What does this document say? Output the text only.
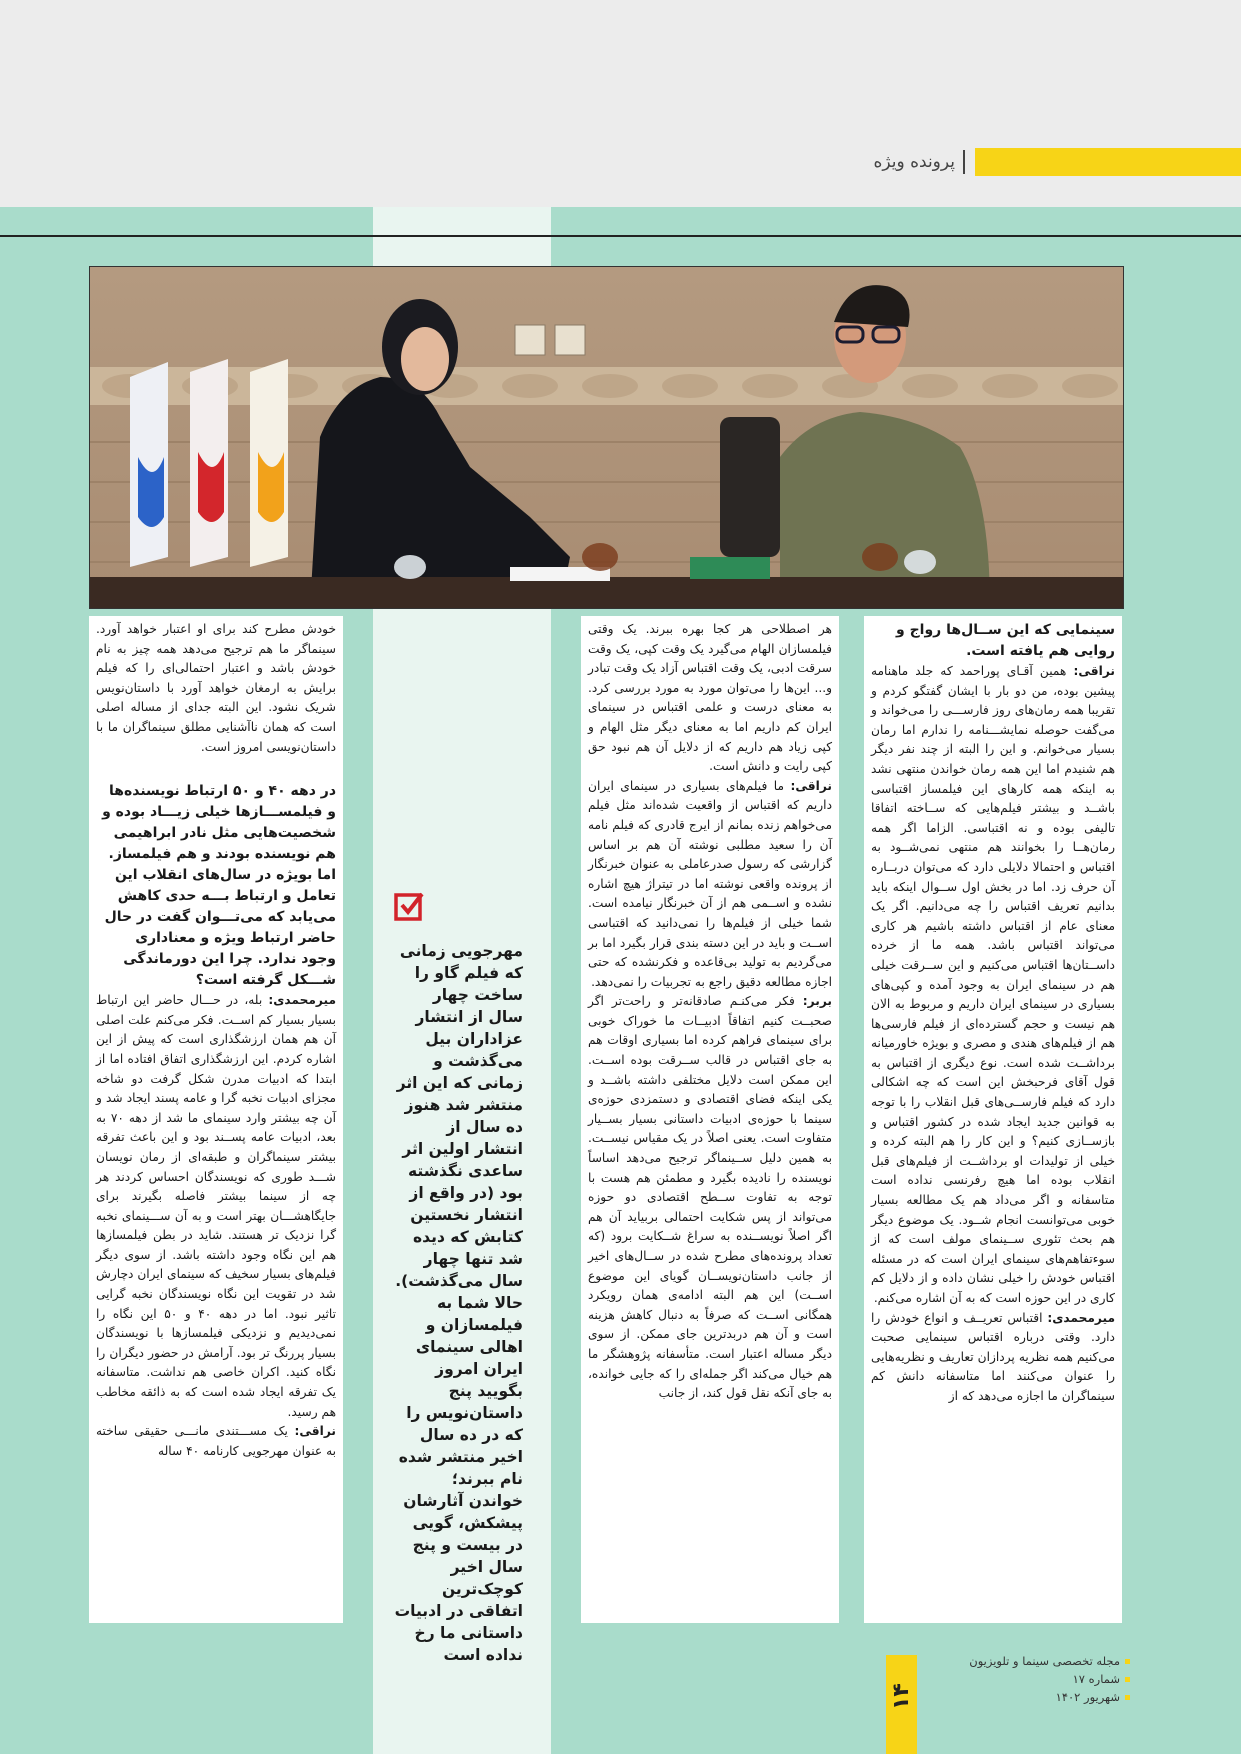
پرونده ویژه

سینمایی که این ســال‌ها رواج و روایی هم یافته است.

نراقی: همین آقـای پوراحمد که جلد ماهنامه پیشین بوده، من دو بار با ایشان گفتگو کردم و تقریبا همه رمان‌های روز فارســـی را می‌خواند و می‌گفت حوصله نمایشـــنامه را ندارم اما رمان بسیار می‌خوانم. و این را البته از چند نفر دیگر هم شنیدم اما این همه رمان خواندن منتهی نشد به اینکه همه کارهای این فیلمساز اقتباسی باشــد و بیشتر فیلم‌هایی که ســاخته اتفاقا تالیفی بوده و نه اقتباسی. الزاما اگر همه رمان‌هــا را بخوانند هم منتهی نمی‌شــود به اقتباس و احتمالا دلایلی دارد که می‌توان دربــاره آن حرف زد. اما در بخش اول ســوال اینکه باید بدانیم تعریف اقتباس را چه می‌دانیم. اگر یک معنای عام از اقتباس داشته باشیم هر کاری می‌تواند اقتباس باشد. همه ما از خرده داســتان‌ها اقتباس می‌کنیم و این ســرقت خیلی هم در سینمای ایران به وجود آمده و کپی‌های بسیاری در سینمای ایران داریم و مربوط به الان هم نیست و حجم گسترده‌ای از فیلم فارسی‌ها هم از فیلم‌های هندی و مصری و بویژه خاورمیانه برداشــت شده است. نوع دیگری از اقتباس به قول آقای فرحبخش این است که چه اشکالی دارد که فیلم فارســی‌های قبل انقلاب را با توجه به قوانین جدید ایجاد شده در کشور اقتباس و بازســازی کنیم؟ و این کار را هم البته کرده و خیلی از تولیدات او برداشــت از فیلم‌های قبل انقلاب بوده اما هیچ رفرنسی نداده است متاسفانه و اگر می‌داد هم یک مطالعه بسیار خوبی می‌توانست انجام شــود. یک موضوع دیگر هم بحث تئوری ســینمای مولف است که از سوءتفاهم‌های سینمای ایران است که در مسئله اقتباس خودش را خیلی نشان داده و از دلایل کم کاری در این حوزه است که به آن اشاره می‌کنم.

میرمحمدی: اقتباس تعریــف و انواع خودش را دارد. وقتی درباره اقتباس سینمایی صحبت می‌کنیم همه نظریه پردازان تعاریف و نظریه‌هایی را عنوان می‌کنند اما متاسفانه دانش کم سینماگران ما اجازه می‌دهد که از

هر اصطلاحی هر کجا بهره ببرند. یک وقتی فیلمسازان الهام می‌گیرد یک وقت کپی، یک وقت سرقت ادبی، یک وقت اقتباس آزاد یک وقت تبادر و... این‌ها را می‌توان مورد به مورد بررسی کرد. به معنای درست و علمی اقتباس در سینمای ایران کم داریم اما به معنای دیگر مثل الهام و کپی زیاد هم داریم که از دلایل آن هم نبود حق کپی رایت و دانش است.

نراقی: ما فیلم‌های بسیاری در سینمای ایران داریم که اقتباس از واقعیت شده‌اند مثل فیلم می‌خواهم زنده بمانم از ایرج قادری که فیلم نامه آن را سعید مطلبی نوشته آن هم بر اساس گزارشی که رسول صدرعاملی به عنوان خبرنگار از پرونده واقعی نوشته اما در تیتراژ هیچ اشاره نشده و اســمی هم از آن خبرنگار نیامده است. شما خیلی از فیلم‌ها را نمی‌دانید که اقتباسی اســت و باید در این دسته بندی قرار بگیرد اما بر می‌گردیم به تولید بی‌قاعده و فکرنشده که حتی اجازه مطالعه دقیق راجع به تجربیات را نمی‌دهد.

بربر: فکر می‌کنـم صادقانه‌تر و راحت‌تر اگر صحبــت کنیم اتفاقاً ادبیــات ما خوراک خوبی برای سینمای فراهم کرده اما بسیاری اوقات هم به جای اقتباس در قالب ســرقت بوده اســت. این ممکن است دلایل مختلفی داشته باشــد و یکی اینکه فضای اقتصادی و دستمزدی حوزه‌ی سینما با حوزه‌ی ادبیات داستانی بسیار بســیار متفاوت است. یعنی اصلاً در یک مقیاس نیســت. به همین دلیل ســینماگر ترجیح می‌دهد اساساً نویسنده را نادیده بگیرد و مطمئن هم هست با توجه به تفاوت ســطح اقتصادی دو حوزه می‌تواند از پس شکایت احتمالی بربیاید آن هم اگر اصلاً نویســنده به سراغ شــکایت برود (که تعداد پرونده‌های مطرح شده در ســال‌های اخیر از جانب داستان‌نویســان گویای این موضوع اســت) این هم البته ادامه‌ی همان رویکرد همگانی اســت که صرفاً به دنبال کاهش هزینه است و آن هم دربدترین جای ممکن. از سوی دیگر مساله اعتبار است. متأسفانه پژوهشگر ما هم خیال می‌کند اگر جمله‌ای را که جایی خوانده، به جای آنکه نقل قول کند، از جانب

مهرجویی زمانی که فیلم گاو را ساخت چهار سال از انتشار عزاداران بیل می‌گذشت و زمانی که این اثر منتشر شد هنوز ده سال از انتشار اولین اثر ساعدی نگذشته بود (در واقع از انتشار نخستین کتابش که دیده شد تنها چهار سال می‌گذشت). حالا شما به فیلمسازان و اهالی سینمای ایران امروز بگویید پنج داستان‌نویس را که در ده سال اخیر منتشر شده نام ببرند؛ خواندن آثارشان پیشکش، گویی در بیست و پنج سال اخیر کوچک‌ترین اتفاقی در ادبیات داستانی ما رخ نداده است

خودش مطرح کند برای او اعتبار خواهد آورد. سینماگر ما هم ترجیح می‌دهد همه چیز به نام خودش باشد و اعتبار احتمالی‌ای را که فیلم برایش به ارمغان خواهد آورد با داستان‌نویس شریک نشود. این البته جدای از مساله اصلی است که همان ناآشنایی مطلق سینماگران ما با داستان‌نویسی امروز است.

در دهه ۴۰ و ۵۰ ارتباط نویسنده‌ها و فیلمســـازها خیلی زیـــاد بوده و شخصیت‌هایی مثل نادر ابراهیمی هم نویسنده بودند و هم فیلمساز. اما بویژه در سال‌های انقلاب این تعامل و ارتباط بـــه حدی کاهش می‌یابد که می‌تـــوان گفت در حال حاضر ارتباط ویژه و معناداری وجود ندارد. چرا این دورماندگی شـــکل گرفته است؟

میرمحمدی: بله، در حـــال حاضر این ارتباط بسیار بسیار کم اســت. فکر می‌کنم علت اصلی آن هم همان ارزشگذاری است که پیش از این اشاره کردم. این ارزشگذاری اتفاق افتاده اما از ابتدا که ادبیات مدرن شکل گرفت دو شاخه مجزای ادبیات نخبه گرا و عامه پسند ایجاد شد و آن چه بیشتر وارد سینمای ما شد از دهه ۷۰ به بعد، ادبیات عامه پســند بود و این باعث تفرقه بیشتر سینماگران و طبقه‌ای از رمان نویسان شـــد طوری که نویسندگان احساس کردند هر چه از سینما بیشتر فاصله بگیرند برای جایگاهشـــان بهتر است و به آن ســـینمای نخبه گرا نزدیک تر هستند. شاید در بطن فیلمسازها هم این نگاه وجود داشته باشد. از سوی دیگر فیلم‌های بسیار سخیف که سینمای ایران دچارش شد در تقویت این نگاه نویسندگان نخبه گرایی تاثیر نبود. اما در دهه ۴۰ و ۵۰ این نگاه را نمی‌دیدیم و نزدیکی فیلمسازها با نویسندگان بسیار پررنگ تر بود. آرامش در حضور دیگران را نگاه کنید. اکران خاصی هم نداشت. متاسفانه یک تفرقه ایجاد شده است که به ذائقه مخاطب هم رسید.

نراقی: یک مســـتندی مانـــی حقیقی ساخته به عنوان مهرجویی کارنامه ۴۰ ساله

۱۴
مجله تخصصی سینما و تلویزیون
شماره ۱۷
شهریور ۱۴۰۲
